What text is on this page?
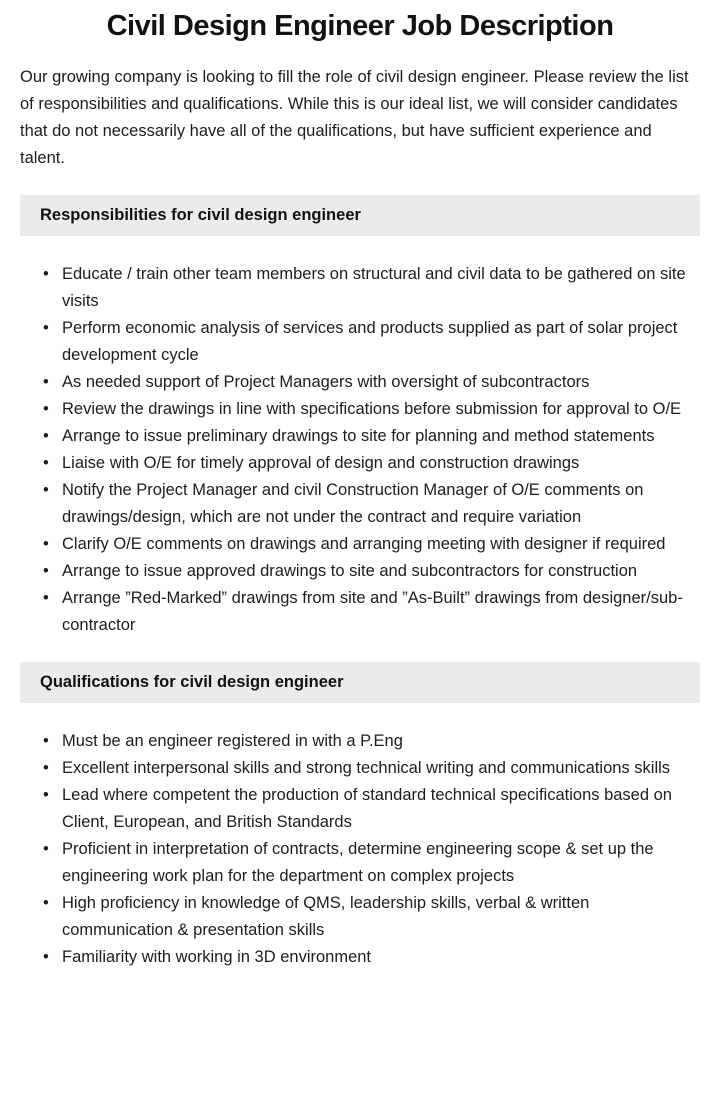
Civil Design Engineer Job Description

Our growing company is looking to fill the role of civil design engineer. Please review the list of responsibilities and qualifications. While this is our ideal list, we will consider candidates that do not necessarily have all of the qualifications, but have sufficient experience and talent.

Responsibilities for civil design engineer
• Educate / train other team members on structural and civil data to be gathered on site visits
• Perform economic analysis of services and products supplied as part of solar project development cycle
• As needed support of Project Managers with oversight of subcontractors
• Review the drawings in line with specifications before submission for approval to O/E
• Arrange to issue preliminary drawings to site for planning and method statements
• Liaise with O/E for timely approval of design and construction drawings
• Notify the Project Manager and civil Construction Manager of O/E comments on drawings/design, which are not under the contract and require variation
• Clarify O/E comments on drawings and arranging meeting with designer if required
• Arrange to issue approved drawings to site and subcontractors for construction
• Arrange ”Red-Marked” drawings from site and ”As-Built” drawings from designer/sub-contractor
Qualifications for civil design engineer
• Must be an engineer registered in with a P.Eng
• Excellent interpersonal skills and strong technical writing and communications skills
• Lead where competent the production of standard technical specifications based on Client, European, and British Standards
• Proficient in interpretation of contracts, determine engineering scope & set up the engineering work plan for the department on complex projects
• High proficiency in knowledge of QMS, leadership skills, verbal & written communication & presentation skills
• Familiarity with working in 3D environment
